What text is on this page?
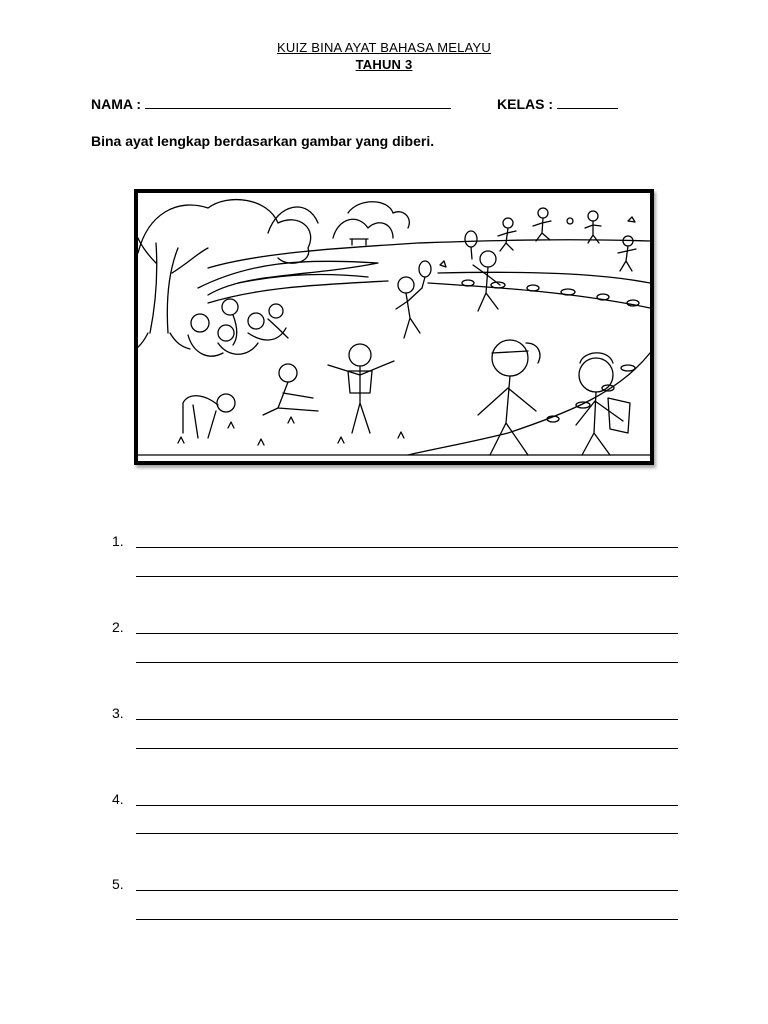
KUIZ BINA AYAT BAHASA MELAYU
TAHUN 3
NAMA :	KELAS :
Bina ayat lengkap berdasarkan gambar yang diberi.
1.
2.
3.
4.
5.
